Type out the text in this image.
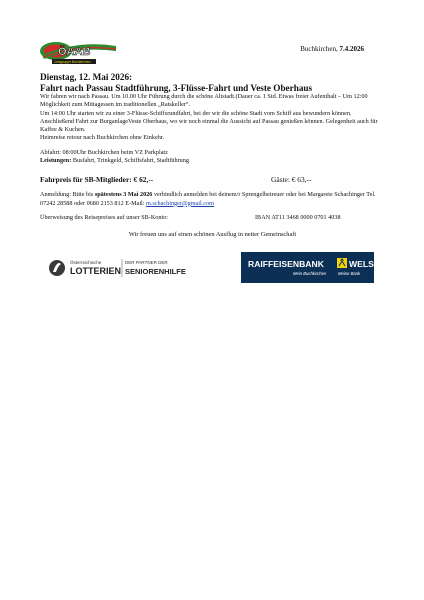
ÖAAB
Ortsgruppe Buchkirchen
Buchkirchen, 7.4.2026
Dienstag, 12. Mai 2026:
Fahrt nach Passau Stadtführung, 3-Flüsse-Fahrt und Veste Oberhaus

Wir fahren wir nach Passau. Um 10.00 Uhr Führung durch die schöne Altstadt.(Dauer ca. 1 Std. Etwas freier Aufenthalt – Um 12:00 Möglichkeit zum Mittagessen im traditionellen „Ratskeller“.

Um 14:00 Uhr starten wir zu einer 3-Flüsse-Schiffsrundfahrt, bei der wir die schöne Stadt vom Schiff aus bewundern können. Anschließend Fahrt zur BurganlageVeste Oberhaus, wo wir noch einmal die Aussicht auf Passau genießen können. Gelegenheit auch für Kaffee & Kuchen.

Heimreise retour nach Buchkirchen ohne Einkehr.

Abfahrt: 08:00Uhr Buchkirchen beim VZ Parkplatz
Leistungen: Busfahrt, Trinkgeld, Schiffsfahrt, Stadtführung
Fahrpreis für SB-Mitglieder: € 62,--	Gäste: € 63,--
Anmeldung: Bitte bis spätestens 3 Mai 2026 verbindlich anmelden bei deinem/r Sprengelbetreuer oder bei Margarete Schachinger Tel. 07242 28588 oder 0680 2153 812 E-Mail: m.schachinger@gmail.com
Überweisung des Reisepreises auf unser SB-Konto:	IBAN AT11 3468 0000 0701 4038
Wir freuen uns auf einen schönen Ausflug in netter Gemeinschaft
Österreichische	DER PARTNER DER
LOTTERIEN SENIORENHILFE
RAIFFEISENBANK	WELS
Mein Buchkirchen	Meine Bank
